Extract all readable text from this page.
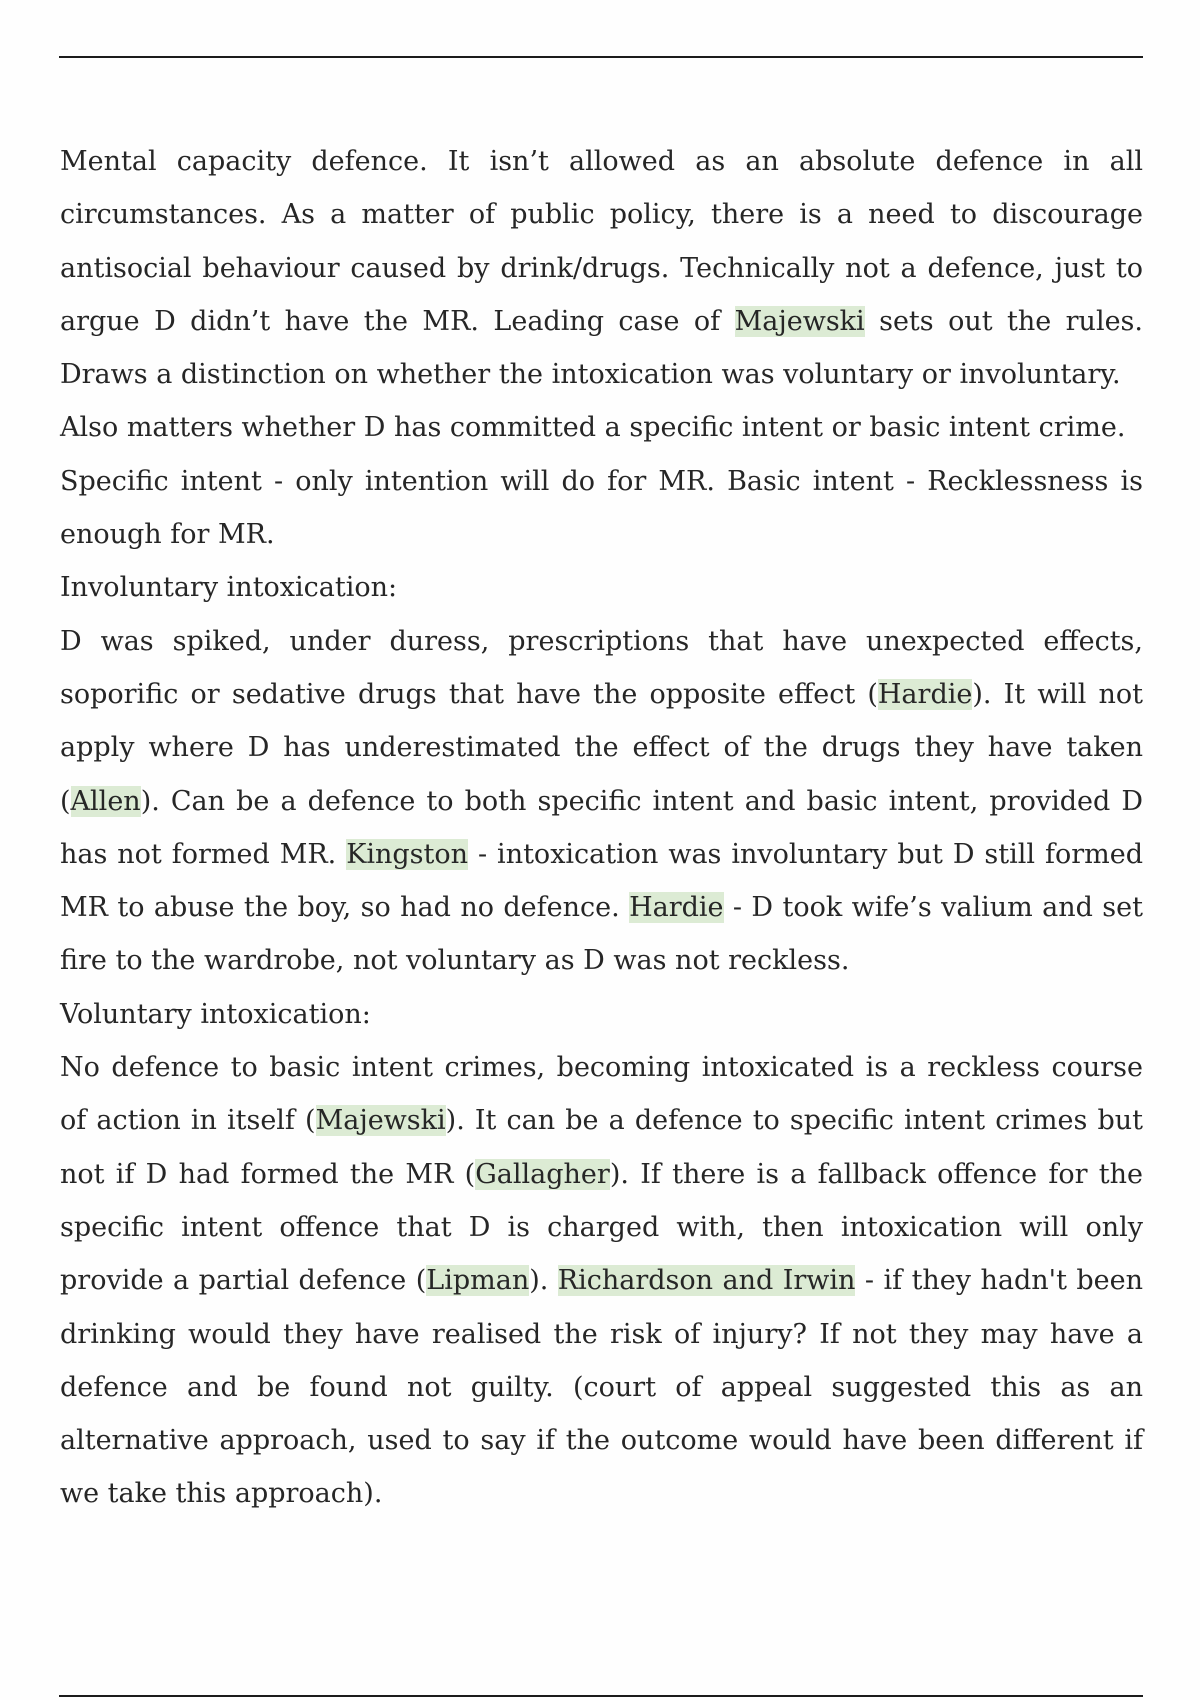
Mental capacity defence. It isn’t allowed as an absolute defence in all circumstances. As a matter of public policy, there is a need to discourage antisocial behaviour caused by drink/drugs. Technically not a defence, just to argue D didn’t have the MR. Leading case of Majewski sets out the rules. Draws a distinction on whether the intoxication was voluntary or involuntary.

Also matters whether D has committed a specific intent or basic intent crime.

Specific intent - only intention will do for MR. Basic intent - Recklessness is enough for MR.

Involuntary intoxication:

D was spiked, under duress, prescriptions that have unexpected effects, soporific or sedative drugs that have the opposite effect (Hardie). It will not apply where D has underestimated the effect of the drugs they have taken (Allen). Can be a defence to both specific intent and basic intent, provided D has not formed MR. Kingston - intoxication was involuntary but D still formed MR to abuse the boy, so had no defence. Hardie - D took wife’s valium and set fire to the wardrobe, not voluntary as D was not reckless.

Voluntary intoxication:

No defence to basic intent crimes, becoming intoxicated is a reckless course of action in itself (Majewski). It can be a defence to specific intent crimes but not if D had formed the MR (Gallagher). If there is a fallback offence for the specific intent offence that D is charged with, then intoxication will only provide a partial defence (Lipman). Richardson and Irwin - if they hadn't been drinking would they have realised the risk of injury? If not they may have a defence and be found not guilty. (court of appeal suggested this as an alternative approach, used to say if the outcome would have been different if we take this approach).
